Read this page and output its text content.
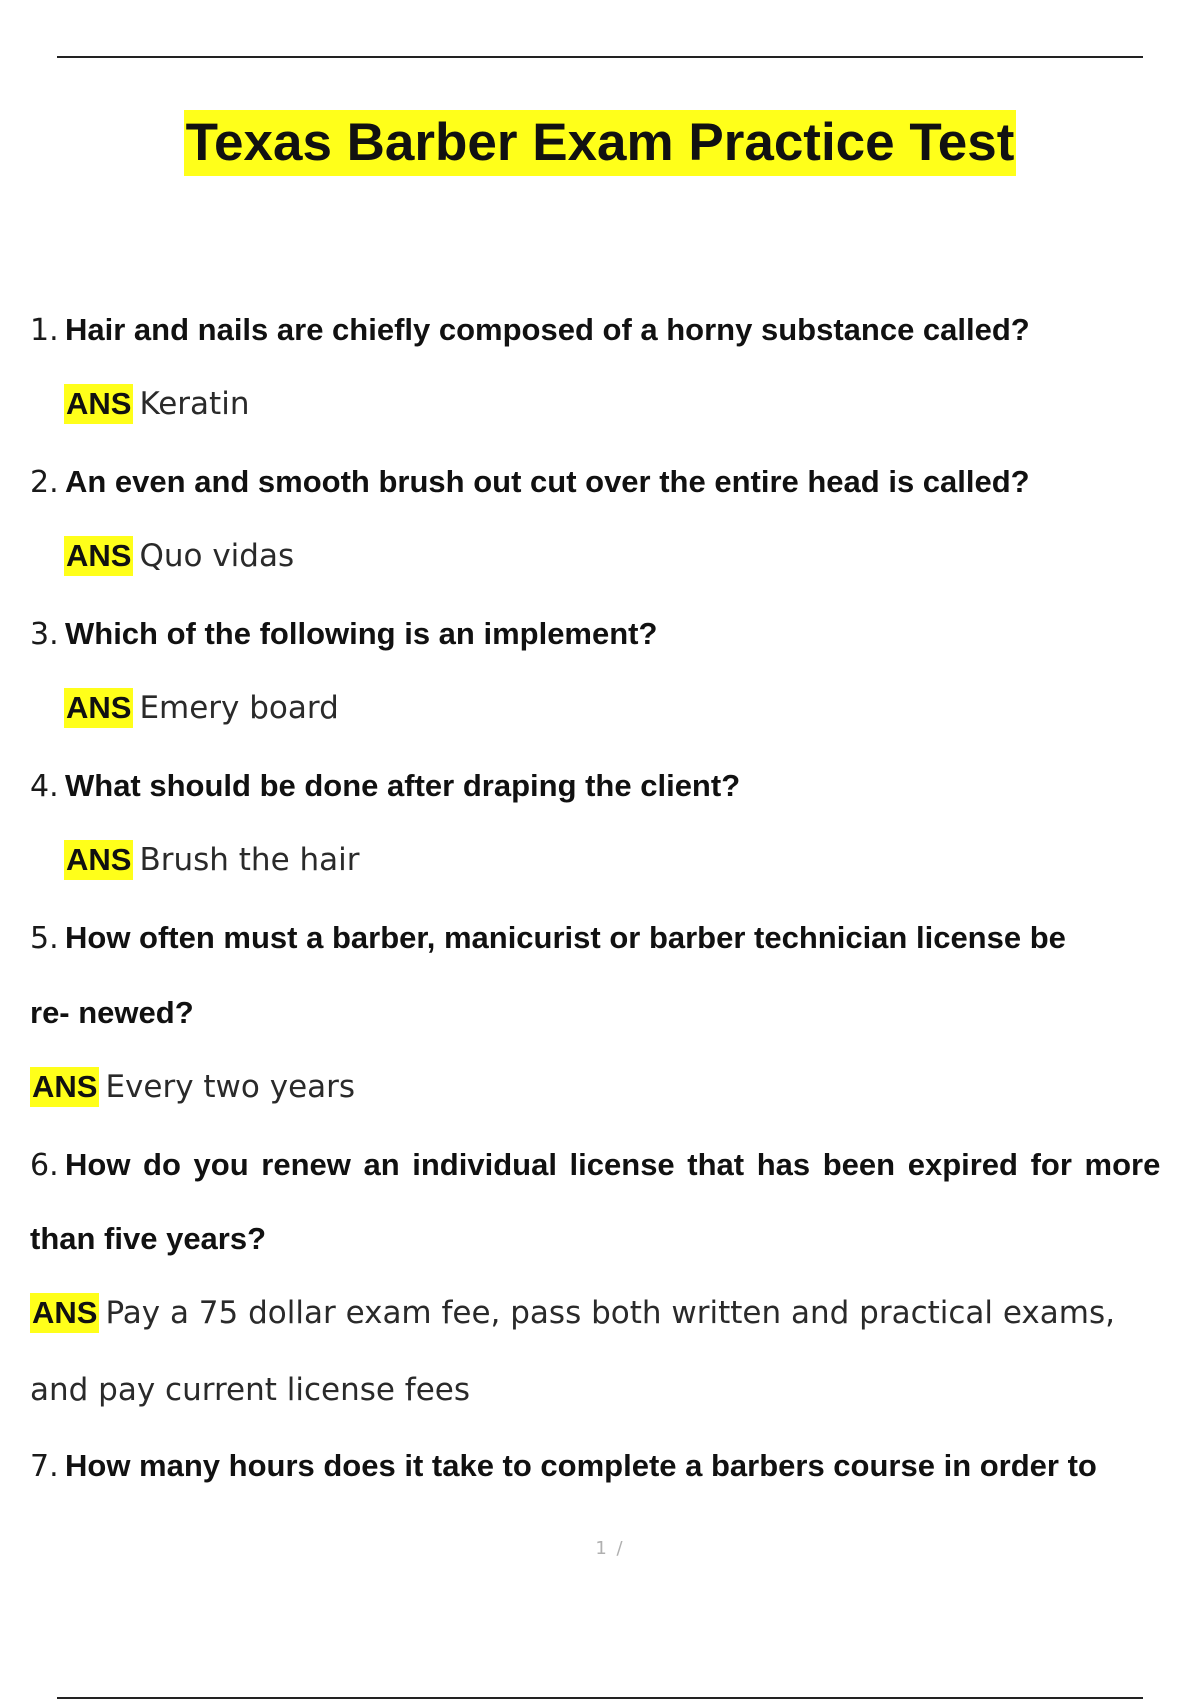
Texas Barber Exam Practice Test
1. Hair and nails are chiefly composed of a horny substance called?
ANS Keratin
2. An even and smooth brush out cut over the entire head is called?
ANS Quo vidas
3. Which of the following is an implement?
ANS Emery board
4. What should be done after draping the client?
ANS Brush the hair
5. How often must a barber, manicurist or barber technician license be
re- newed?
ANS Every two years
6. How do you renew an individual license that has been expired for more
than five years?
ANS Pay a 75 dollar exam fee, pass both written and practical exams,
and pay current license fees
7. How many hours does it take to complete a barbers course in order to
1 /
